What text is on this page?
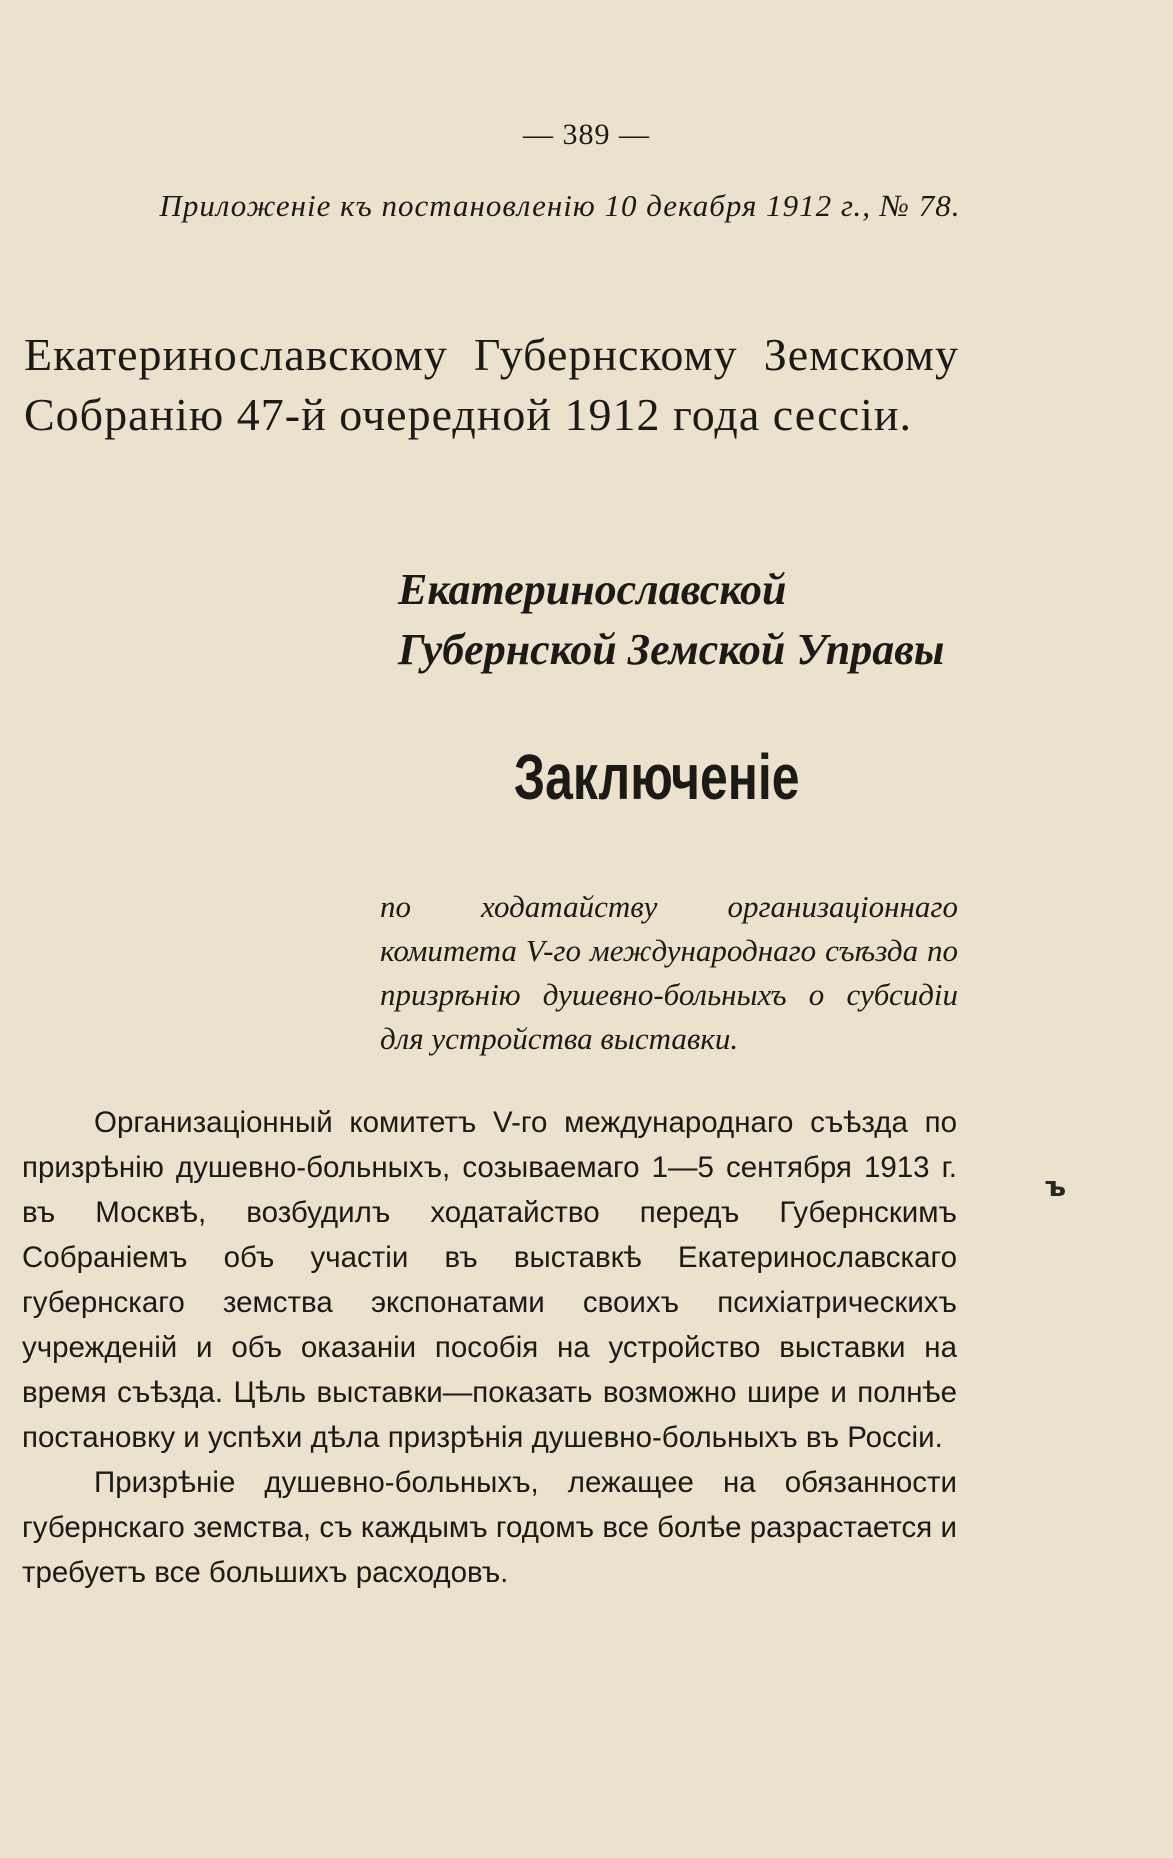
— 389 —
Приложеніе къ постановленію 10 декабря 1912 г., № 78.
Екатеринославскому Губернскому Земскому Собранію 47-й очередной 1912 года сессіи.
Екатеринославской Губернской Земской Управы
Заключеніе
по ходатайству организаціоннаго комитета V-го международнаго съѣзда по призрѣнію душевно-больныхъ о субсидіи для устройства выставки.

Организаціонный комитетъ V-го международнаго съѣзда по призрѣнію душевно-больныхъ, созываемаго 1—5 сентября 1913 г. въ Москвѣ, возбудилъ ходатайство передъ Губернскимъ Собраніемъ объ участіи въ выставкѣ Екатеринославскаго губернскаго земства экспонатами своихъ психіатрическихъ учрежденій и объ оказаніи пособія на устройство выставки на время съѣзда. Цѣль выставки—показать возможно шире и полнѣе постановку и успѣхи дѣла призрѣнія душевно-больныхъ въ Россіи.

Призрѣніе душевно-больныхъ, лежащее на обязанности губернскаго земства, съ каждымъ годомъ все болѣе разрастается и требуетъ все большихъ расходовъ.

ъ
